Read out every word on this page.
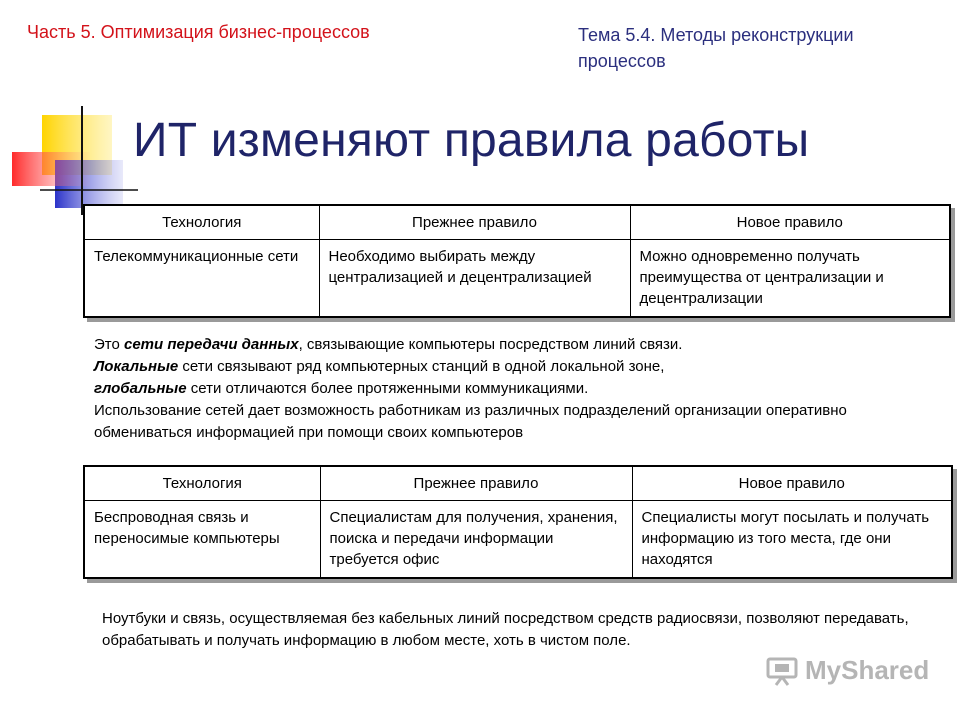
Часть 5. Оптимизация бизнес-процессов	Тема 5.4. Методы реконструкции процессов
ИТ изменяют правила работы
Технология	Прежнее правило	Новое правило
Телекоммуникационные сети	Необходимо выбирать между централизацией и децентрализацией	Можно одновременно получать преимущества от централизации и децентрализации
Это сети передачи данных, связывающие компьютеры посредством линий связи.
Локальные сети связывают ряд компьютерных станций в одной локальной зоне,
глобальные сети отличаются более протяженными коммуникациями.
Использование сетей дает возможность работникам из различных подразделений организации оперативно обмениваться информацией при помощи своих компьютеров
Технология	Прежнее правило	Новое правило
Беспроводная связь и переносимые компьютеры	Специалистам для получения, хранения, поиска и передачи информации требуется офис	Специалисты могут посылать и получать информацию из того места, где они находятся
Ноутбуки и связь, осуществляемая без кабельных линий посредством средств радиосвязи, позволяют передавать, обрабатывать и получать информацию в любом месте, хоть в чистом поле.
MyShared
